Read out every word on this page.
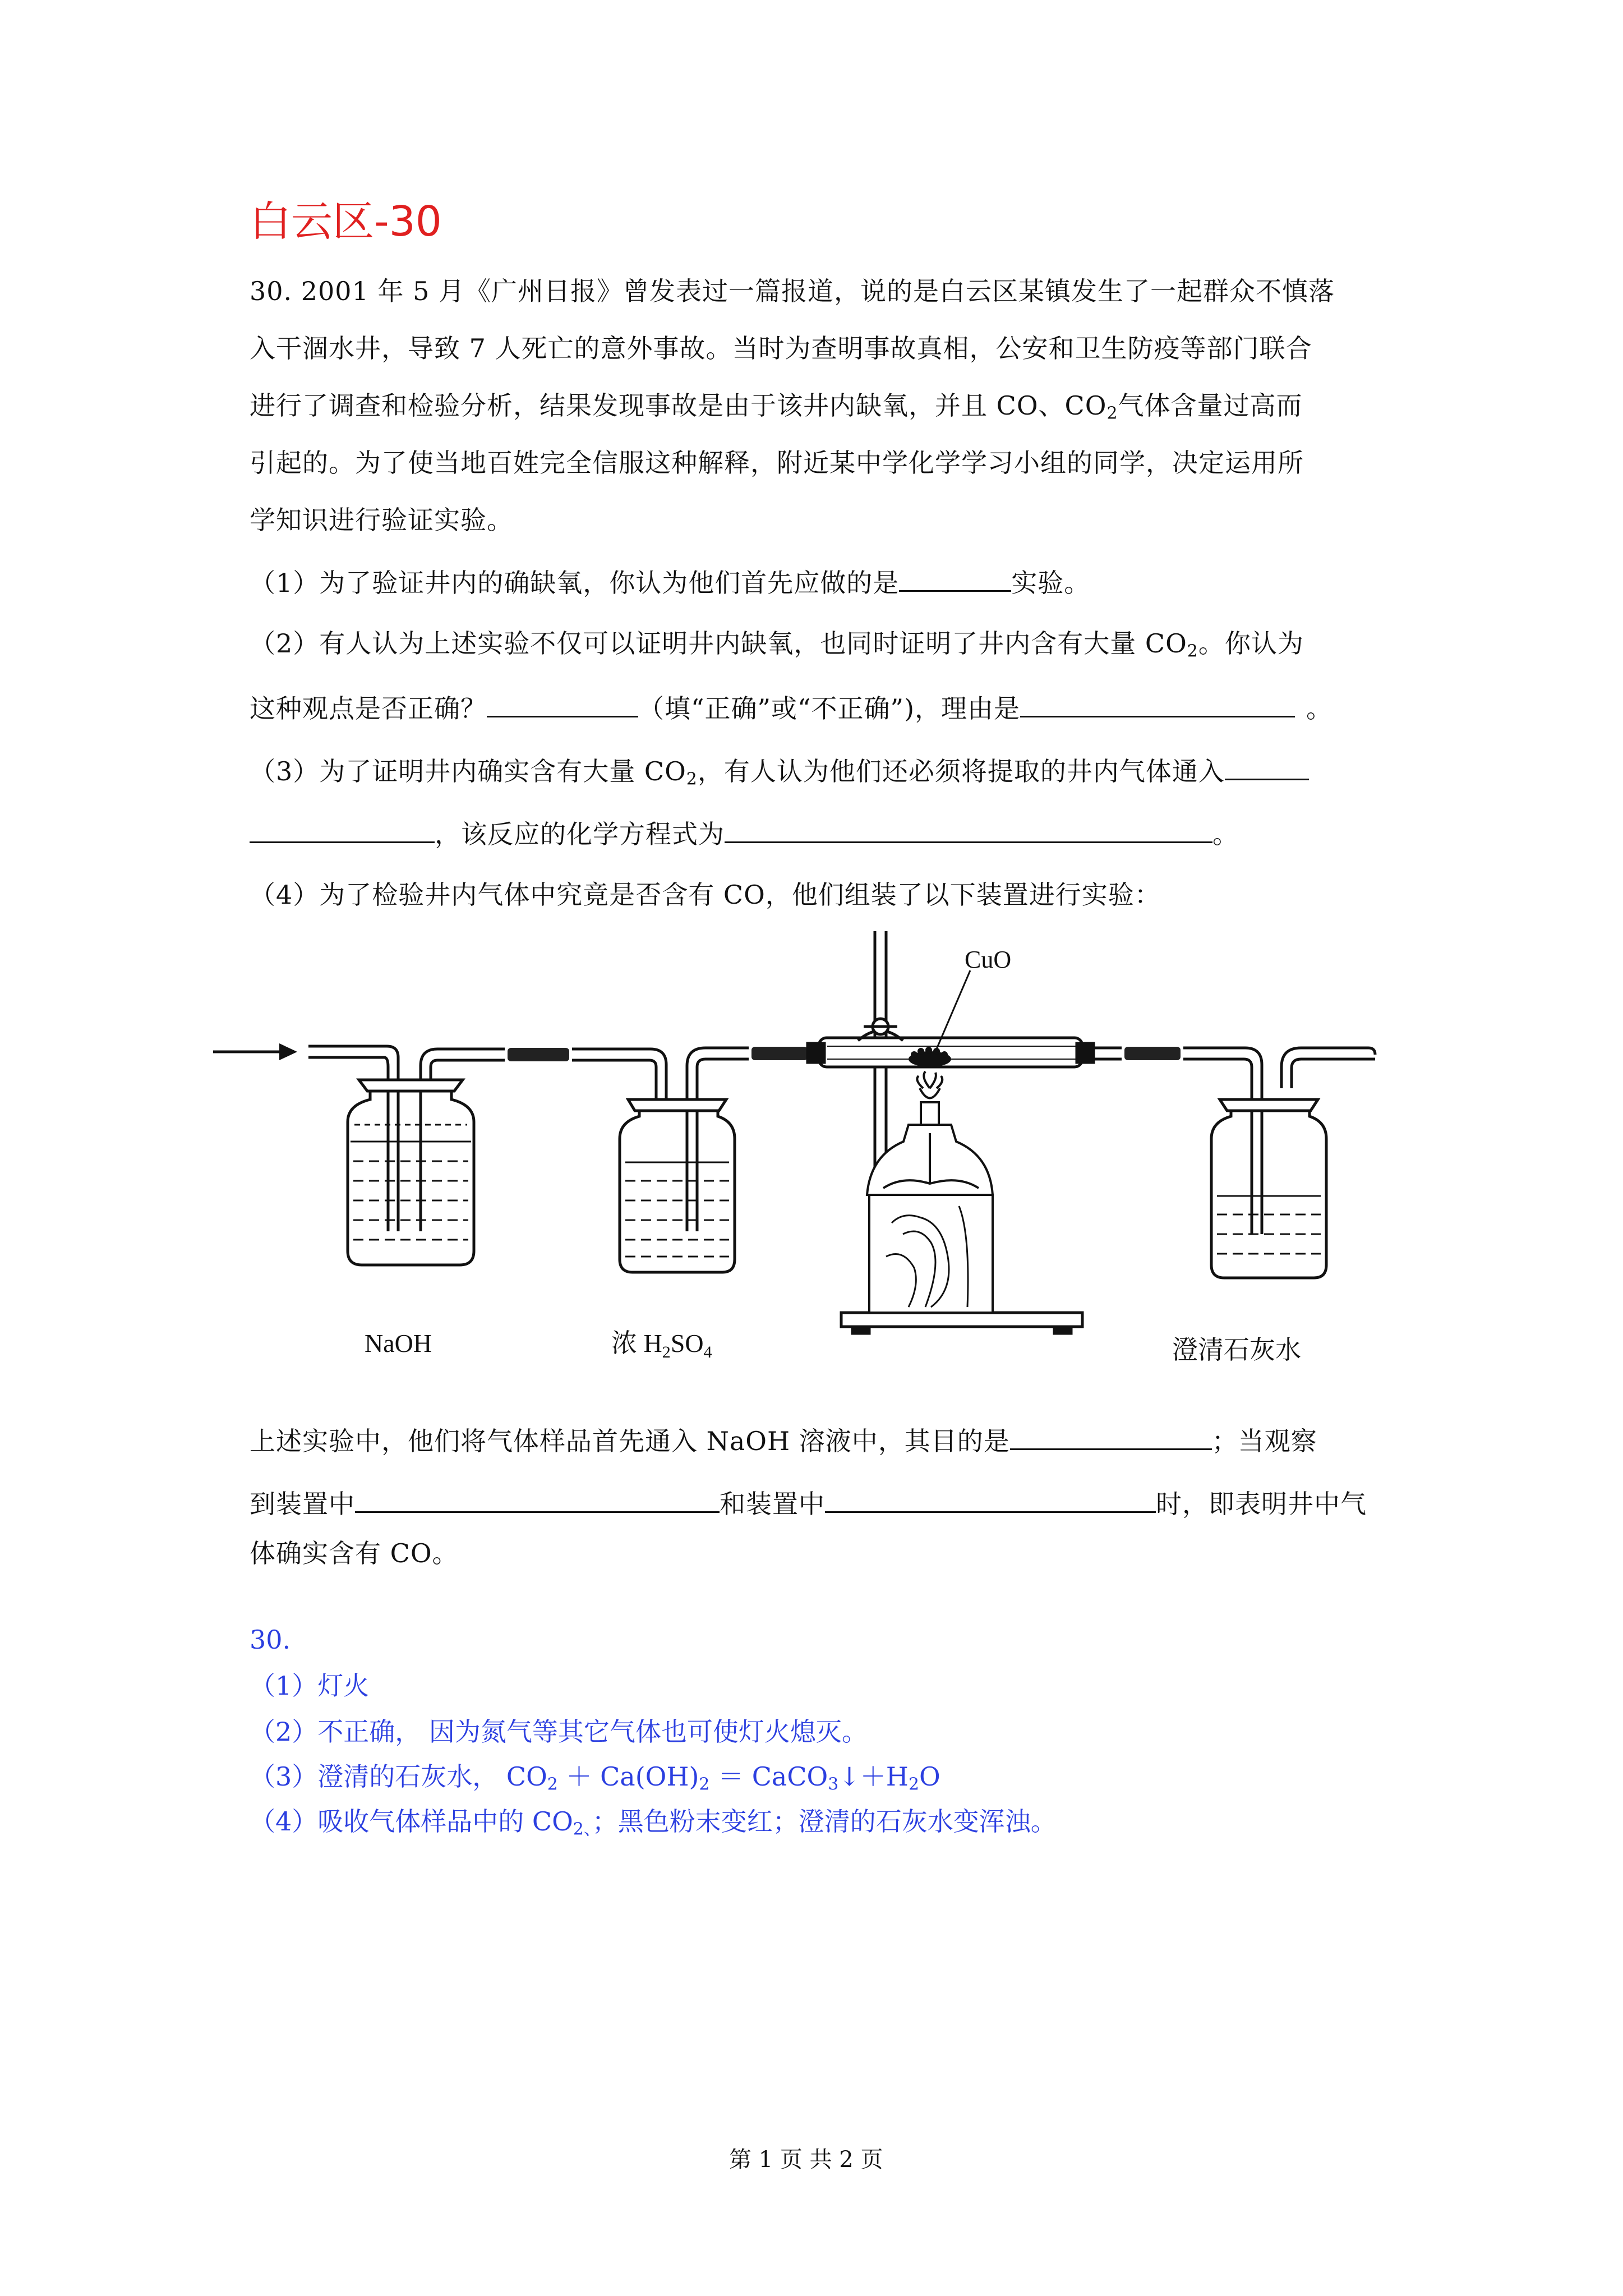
白云区-30
30. 2001 年 5 月《广州日报》曾发表过一篇报道，说的是白云区某镇发生了一起群众不慎落
入干涸水井，导致 7 人死亡的意外事故。当时为查明事故真相，公安和卫生防疫等部门联合
进行了调查和检验分析，结果发现事故是由于该井内缺氧，并且 CO、$CO_2$气体含量过高而
引起的。为了使当地百姓完全信服这种解释，附近某中学化学学习小组的同学，决定运用所
学知识进行验证实验。
（1）为了验证井内的确缺氧，你认为他们首先应做的是	实验。
（2）有人认为上述实验不仅可以证明井内缺氧，也同时证明了井内含有大量 $CO_2$。你认为
这种观点是否正确？	（填“正确”或“不正确”)，理由是	。
（3）为了证明井内确实含有大量 $CO_2$，有人认为他们还必须将提取的井内气体通入
，该反应的化学方程式为	。
（4）为了检验井内气体中究竟是否含有 CO，他们组装了以下装置进行实验：
CuO
NaOH	浓 $H_2SO_4$	澄清石灰水
上述实验中，他们将气体样品首先通入 NaOH 溶液中，其目的是	；当观察
到装置中	和装置中	时，即表明井中气
体确实含有 CO。
30.
（1）灯火
（2）不正确， 因为氮气等其它气体也可使灯火熄灭。
（3）澄清的石灰水， $CO_2 + Ca(OH)_2$ ＝ $CaCO_3↓+H_2O$
（4）吸收气体样品中的 $CO_{2、}$；黑色粉末变红；澄清的石灰水变浑浊。
第 1 页 共 2 页
